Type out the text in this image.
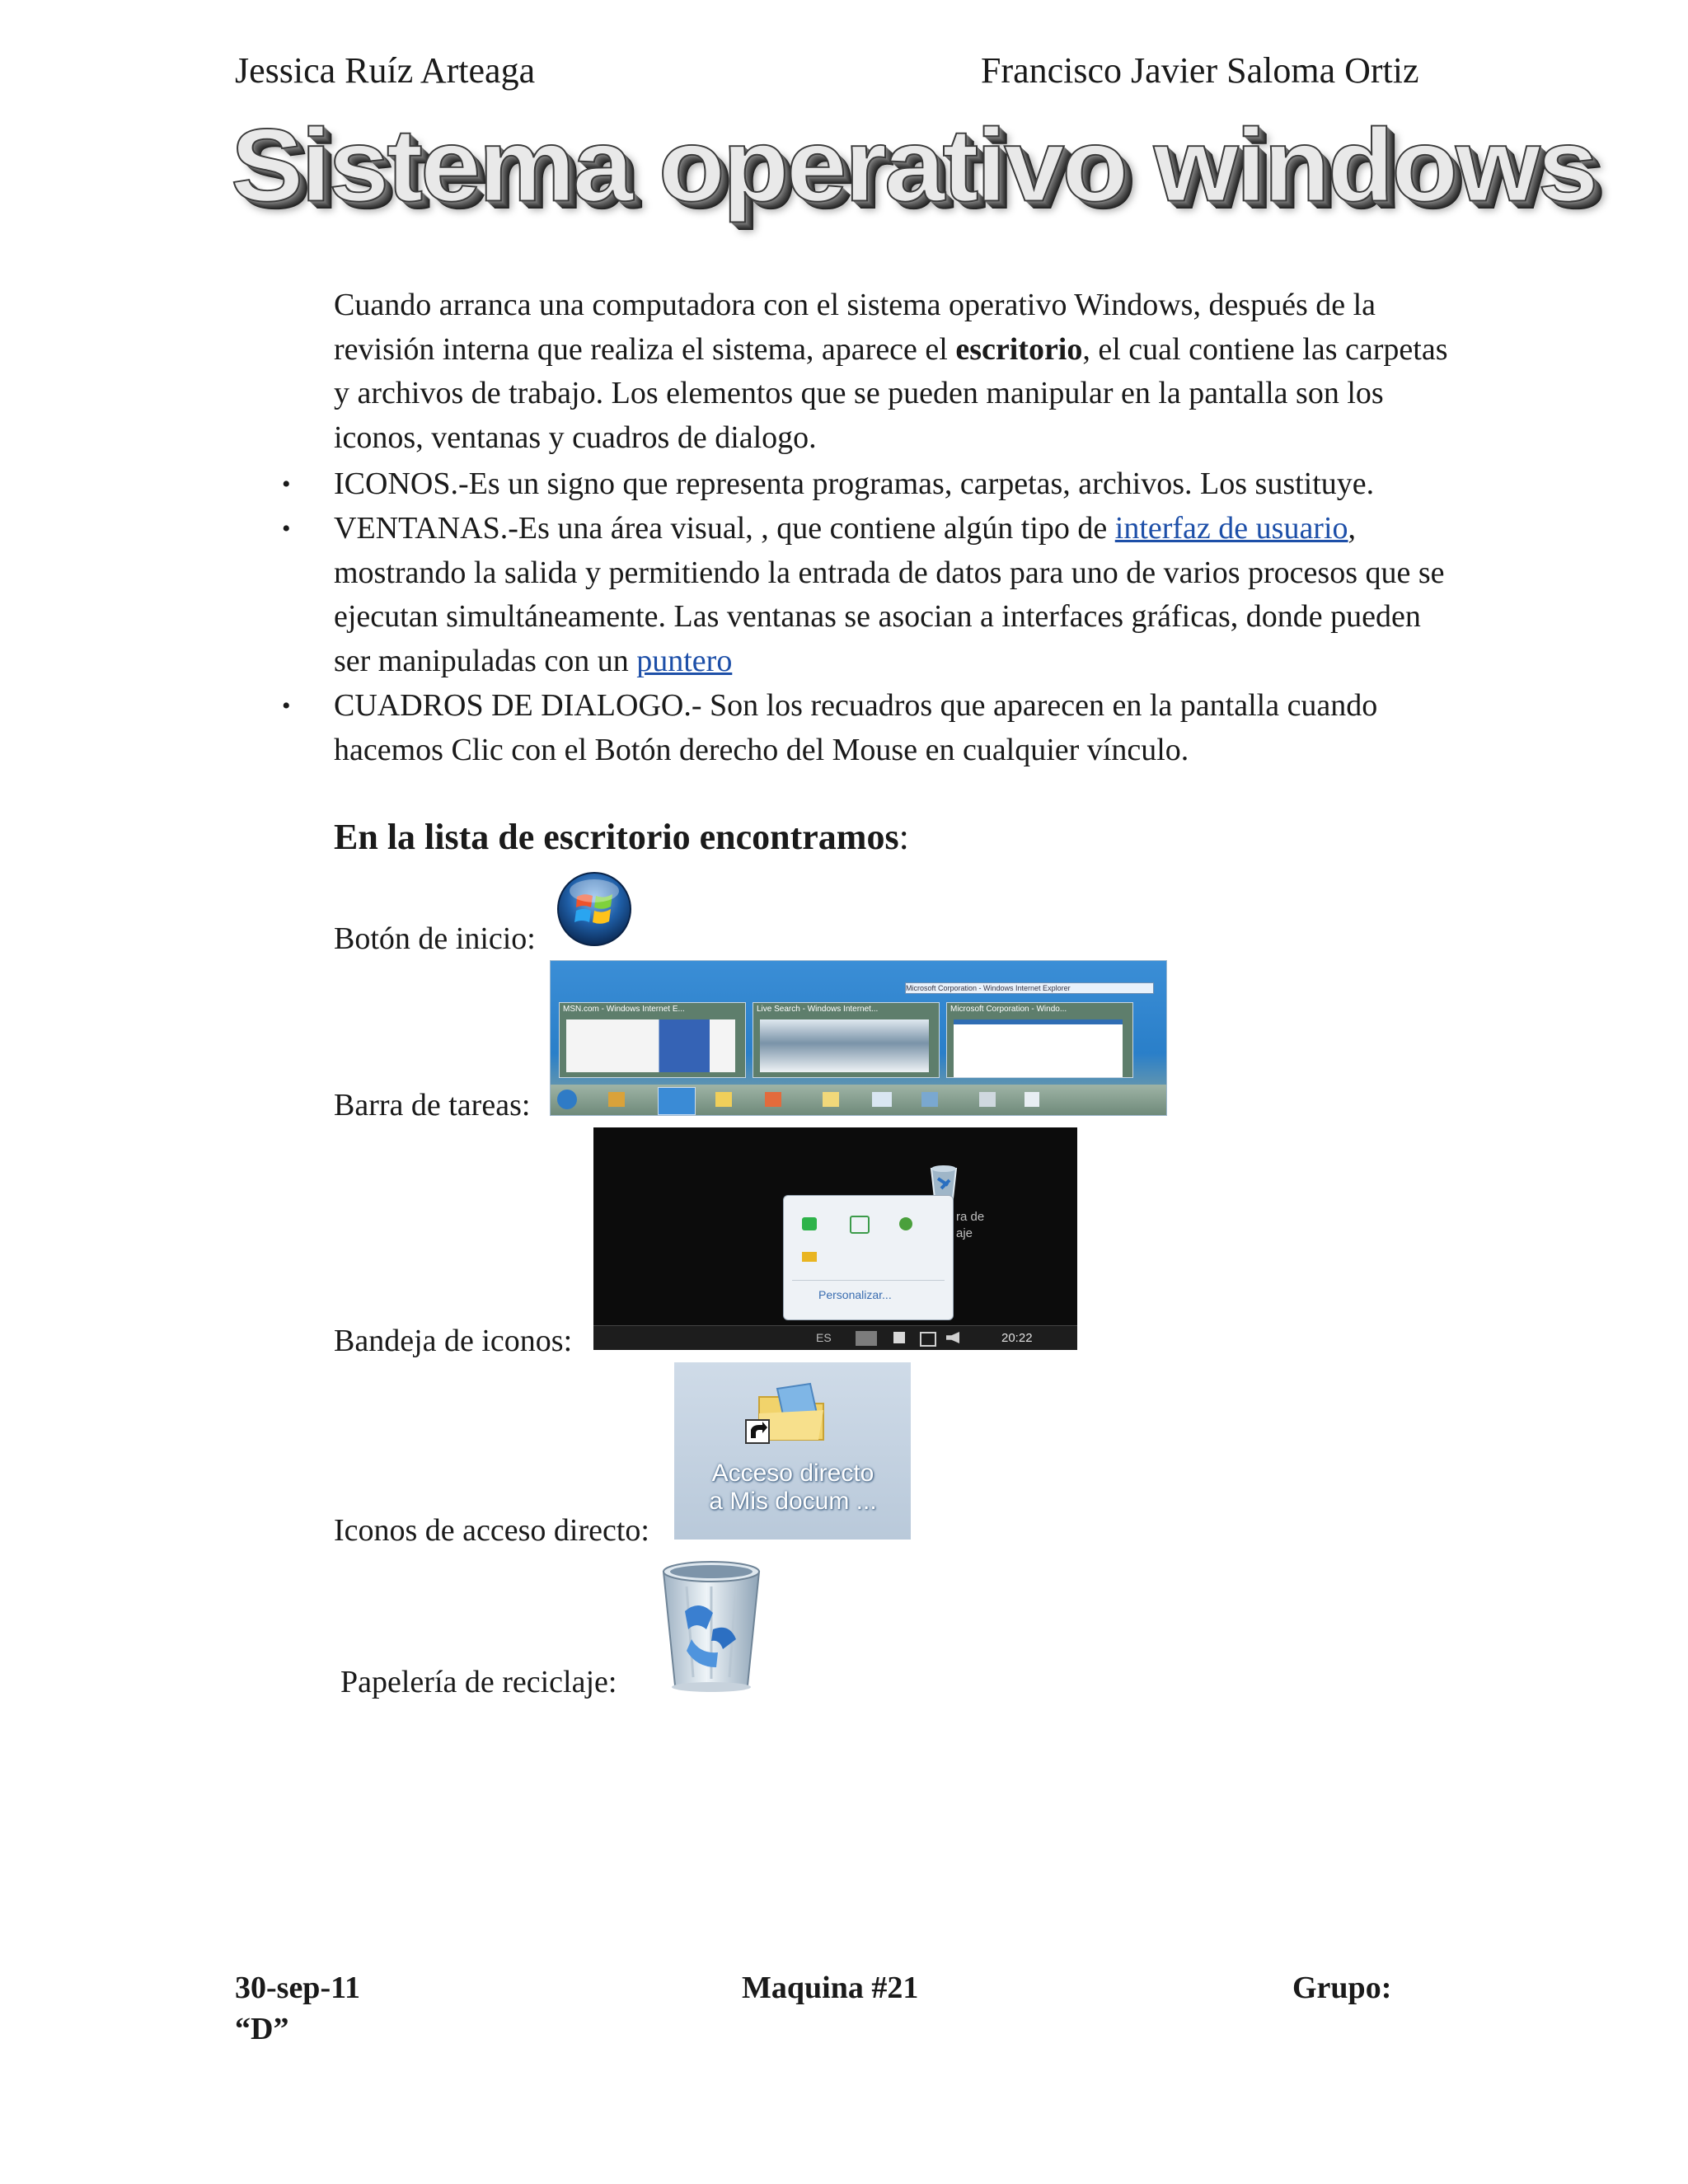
Jessica Ruíz Arteaga	Francisco Javier Saloma Ortiz
Sistema operativo windows

Cuando arranca una computadora con el sistema operativo Windows, después de la revisión interna que realiza el sistema, aparece el escritorio, el cual contiene las carpetas y archivos de trabajo. Los elementos que se pueden manipular en la pantalla son los iconos, ventanas y cuadros de dialogo.

• ICONOS.-Es un signo que representa programas, carpetas, archivos. Los sustituye.

• VENTANAS.-Es una área visual, , que contiene algún tipo de interfaz de usuario, mostrando la salida y permitiendo la entrada de datos para uno de varios procesos que se ejecutan simultáneamente. Las ventanas se asocian a interfaces gráficas, donde pueden ser manipuladas con un puntero

• CUADROS DE DIALOGO.- Son los recuadros que aparecen en la pantalla cuando hacemos Clic con el Botón derecho del Mouse en cualquier vínculo.

En la lista de escritorio encontramos:
Botón de inicio:
Barra de tareas:
Microsoft Corporation - Windows Internet Explorer
MSN.com - Windows Internet E...	Live Search - Windows Internet...	Microsoft Corporation - Windo...
Bandeja de iconos:
ra de
aje
Personalizar...
ES	20:22
Iconos de acceso directo:
Acceso directo
a Mis docum ...
Papelería de reciclaje:
30-sep-11	Maquina #21	Grupo:
“D”
